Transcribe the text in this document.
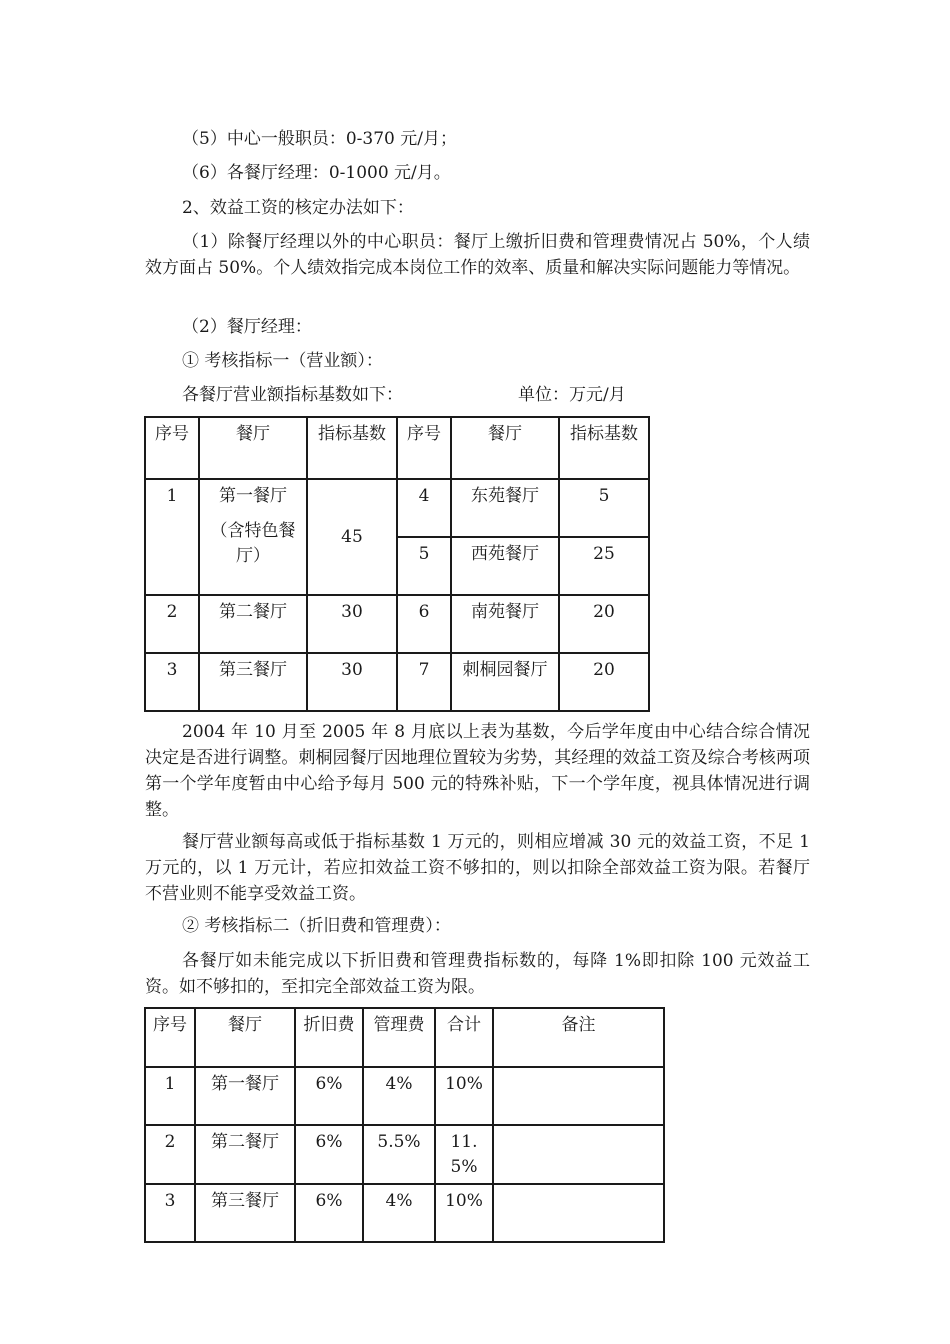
（5）中心一般职员：0-370 元/月；

（6）各餐厅经理：0-1000 元/月。

2、效益工资的核定办法如下：

（1）除餐厅经理以外的中心职员：餐厅上缴折旧费和管理费情况占 50%，个人绩效方面占 50%。个人绩效指完成本岗位工作的效率、质量和解决实际问题能力等情况。

（2）餐厅经理：

① 考核指标一（营业额）：

各餐厅营业额指标基数如下：	单位：万元/月

序号	餐厅	指标基数	序号	餐厅	指标基数
1	第一餐厅
（含特色餐厅）	45	4	东苑餐厅	5
			5	西苑餐厅	25
2	第二餐厅	30	6	南苑餐厅	20
3	第三餐厅	30	7	刺桐园餐厅	20

2004 年 10 月至 2005 年 8 月底以上表为基数，今后学年度由中心结合综合情况决定是否进行调整。刺桐园餐厅因地理位置较为劣势，其经理的效益工资及综合考核两项第一个学年度暂由中心给予每月 500 元的特殊补贴，下一个学年度，视具体情况进行调整。

餐厅营业额每高或低于指标基数 1 万元的，则相应增减 30 元的效益工资，不足 1 万元的，以 1 万元计，若应扣效益工资不够扣的，则以扣除全部效益工资为限。若餐厅不营业则不能享受效益工资。

② 考核指标二（折旧费和管理费）：

各餐厅如未能完成以下折旧费和管理费指标数的，每降 1%即扣除 100 元效益工资。如不够扣的，至扣完全部效益工资为限。

序号	餐厅	折旧费	管理费	合计	备注
1	第一餐厅	6%	4%	10%	
2	第二餐厅	6%	5.5%	11.5%	
3	第三餐厅	6%	4%	10%	
